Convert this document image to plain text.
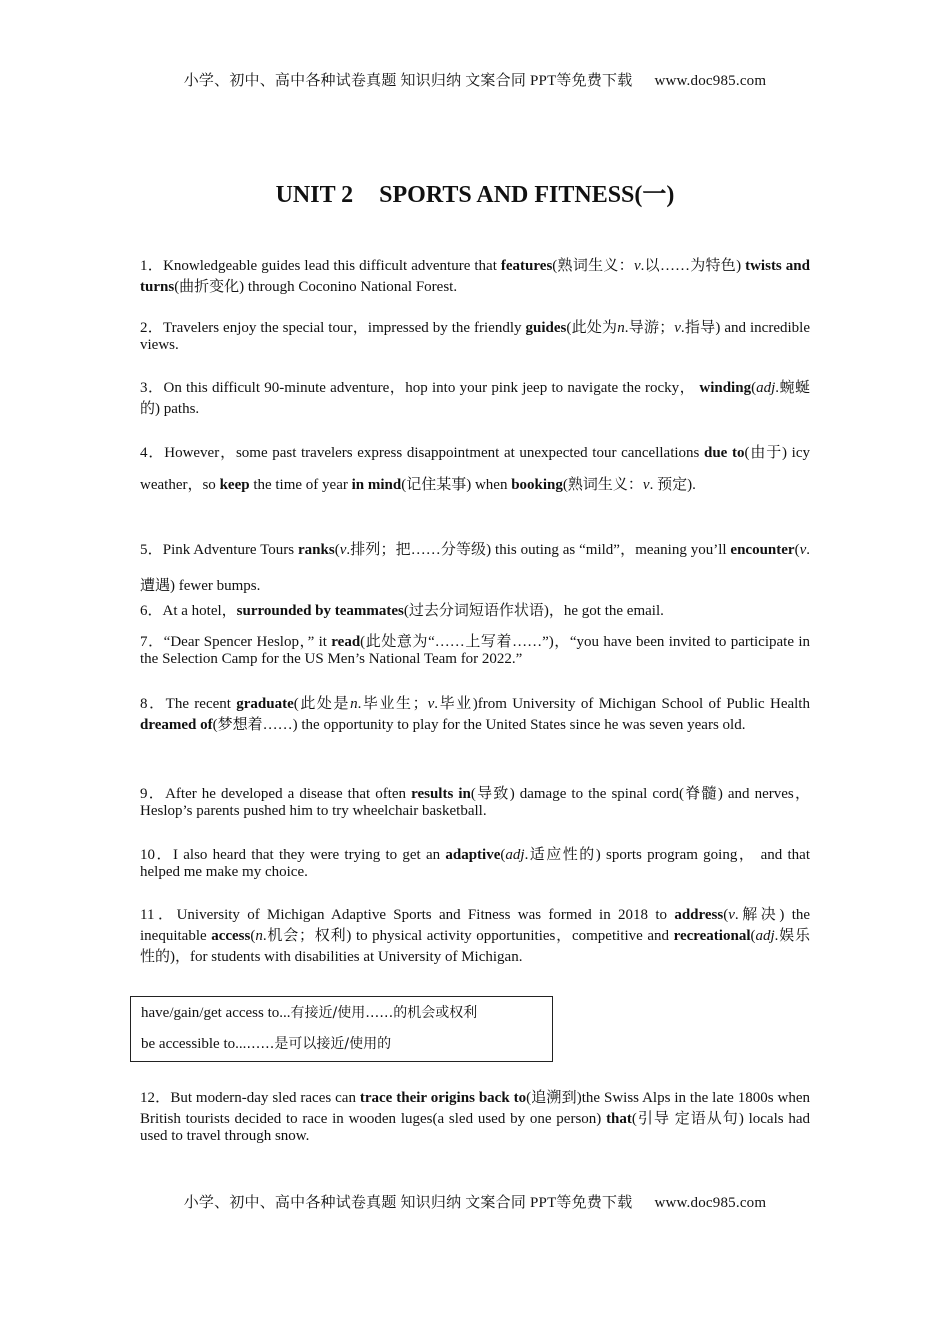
小学、初中、高中各种试卷真题 知识归纳 文案合同 PPT等免费下载 www.doc985.com
UNIT 2 SPORTS AND FITNESS(一)
1．Knowledgeable guides lead this difficult adventure that features(熟词生义：v.以……为特色) twists and turns(曲折变化) through Coconino National Forest.
2．Travelers enjoy the special tour，impressed by the friendly guides(此处为n.导游；v.指导) and incredible views.
3．On this difficult 90-minute adventure，hop into your pink jeep to navigate the rocky， winding(adj.蜿蜒的) paths.
4．However，some past travelers express disappointment at unexpected tour cancellations due to(由于) icy weather，so keep the time of year in mind(记住某事) when booking(熟词生义：v. 预定).
5．Pink Adventure Tours ranks(v.排列；把……分等级) this outing as “mild”，meaning you’ll encounter(v.遭遇) fewer bumps.
6．At a hotel，surrounded by teammates(过去分词短语作状语)，he got the email.
7．“Dear Spencer Heslop，” it read(此处意为“……上写着……”)，“you have been invited to participate in the Selection Camp for the US Men’s National Team for 2022.”
8．The recent graduate(此处是n.毕业生；v.毕业)from University of Michigan School of Public Health dreamed of(梦想着……) the opportunity to play for the United States since he was seven years old.
9．After he developed a disease that often results in(导致) damage to the spinal cord(脊髓) and nerves，Heslop’s parents pushed him to try wheelchair basketball.
10．I also heard that they were trying to get an adaptive(adj.适应性的) sports program going， and that helped me make my choice.
11．University of Michigan Adaptive Sports and Fitness was formed in 2018 to address(v.解决) the inequitable access(n.机会；权利) to physical activity opportunities，competitive and recreational(adj.娱乐性的)，for students with disabilities at University of Michigan.
have/gain/get access to...有接近/使用……的机会或权利
be accessible to...……是可以接近/使用的
12．But modern-day sled races can trace their origins back to(追溯到)the Swiss Alps in the late 1800s when British tourists decided to race in wooden luges(a sled used by one person) that(引导 定语从句) locals had used to travel through snow.
小学、初中、高中各种试卷真题 知识归纳 文案合同 PPT等免费下载 www.doc985.com
